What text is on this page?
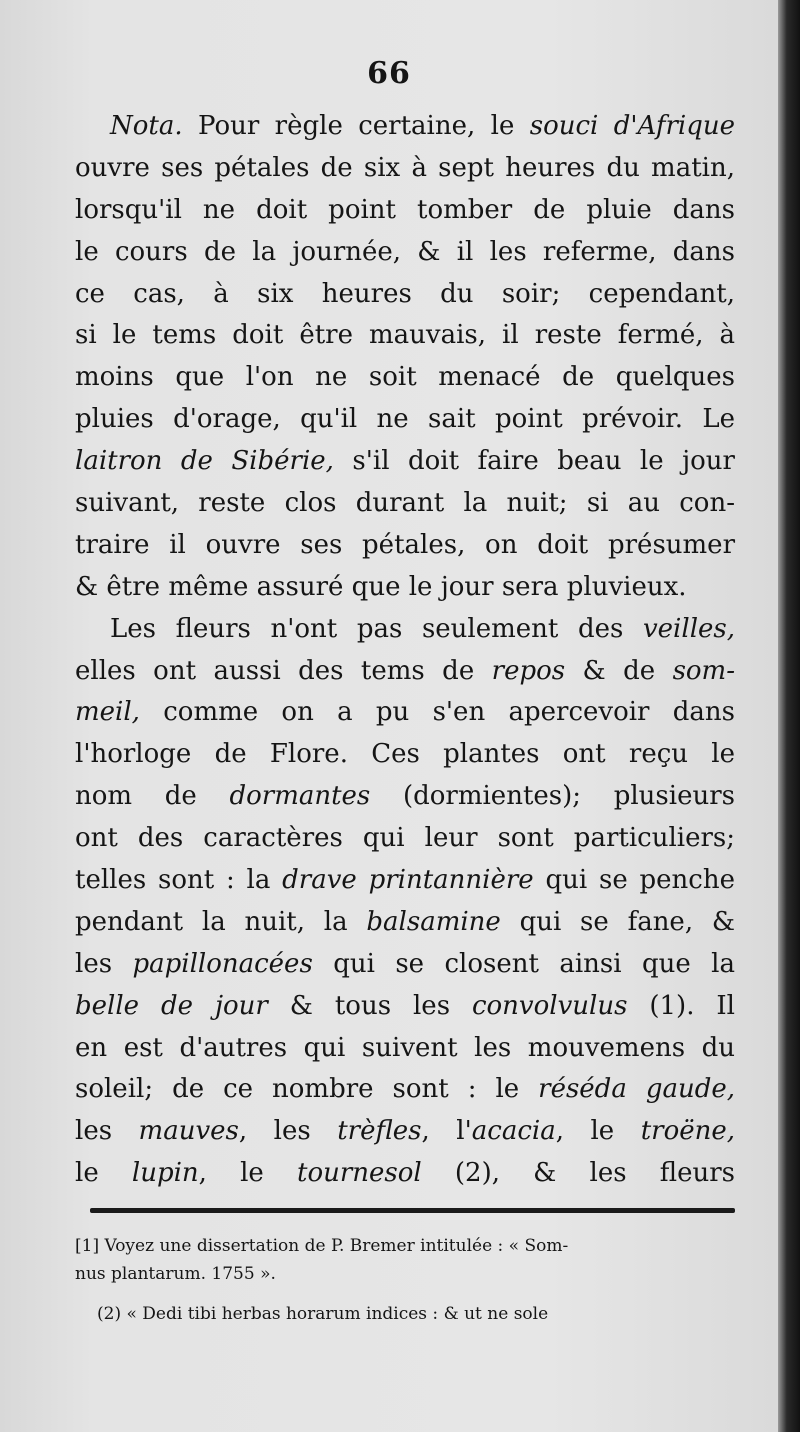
66
Nota. Pour règle certaine, le souci d'Afrique
ouvre ses pétales de six à sept heures du matin,
lorsqu'il ne doit point tomber de pluie dans
le cours de la journée, & il les referme, dans
ce cas, à six heures du soir; cependant,
si le tems doit être mauvais, il reste fermé, à
moins que l'on ne soit menacé de quelques
pluies d'orage, qu'il ne sait point prévoir. Le
laitron de Sibérie, s'il doit faire beau le jour
suivant, reste clos durant la nuit; si au con-
traire il ouvre ses pétales, on doit présumer
& être même assuré que le jour sera pluvieux.
Les fleurs n'ont pas seulement des veilles,
elles ont aussi des tems de repos & de som-
meil, comme on a pu s'en apercevoir dans
l'horloge de Flore. Ces plantes ont reçu le
nom de dormantes (dormientes); plusieurs
ont des caractères qui leur sont particuliers;
telles sont : la drave printannière qui se penche
pendant la nuit, la balsamine qui se fane, &
les papillonacées qui se closent ainsi que la
belle de jour & tous les convolvulus (1). Il
en est d'autres qui suivent les mouvemens du
soleil; de ce nombre sont : le réséda gaude,
les mauves, les trèfles, l'acacia, le troëne,
le lupin, le tournesol (2), & les fleurs
[1] Voyez une dissertation de P. Bremer intitulée : « Som-
nus plantarum. 1755 ».
(2) « Dedi tibi herbas horarum indices : & ut ne sole
